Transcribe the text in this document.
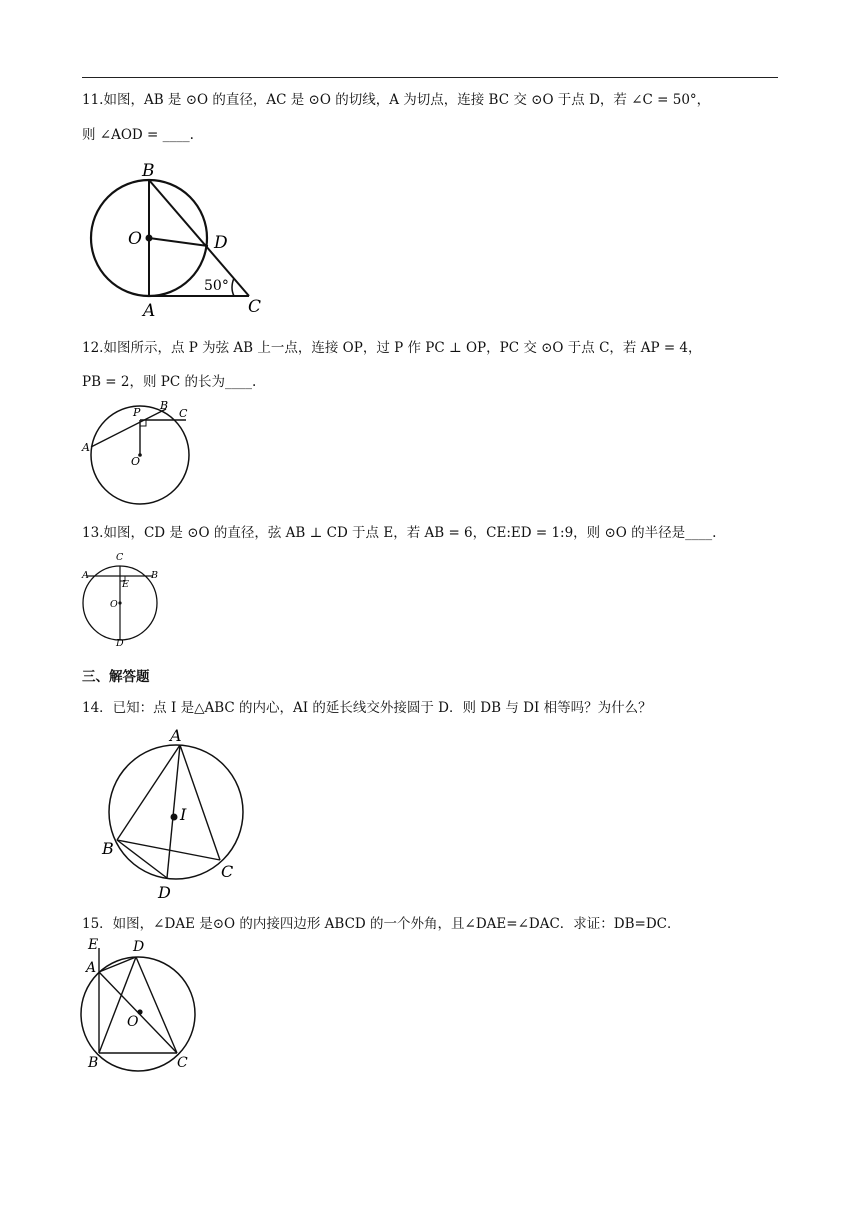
11.如图，AB 是 ⊙O 的直径，AC 是 ⊙O 的切线，A 为切点，连接 BC 交 ⊙O 于点 D，若 ∠C = 50°，
则 ∠AOD = ____.
B
O	D
A	C
50°
12.如图所示，点 P 为弦 AB 上一点，连接 OP，过 P 作 PC ⊥ OP，PC 交 ⊙O 于点 C，若 AP = 4，
PB = 2，则 PC 的长为____.
P
B
C
A
O
13.如图，CD 是 ⊙O 的直径，弦 AB ⊥ CD 于点 E，若 AB = 6，CE:ED = 1:9，则 ⊙O 的半径是____.
C
A	B
E
O
D
三、解答题
14．已知：点 I 是△ABC 的内心，AI 的延长线交外接圆于 D．则 DB 与 DI 相等吗？为什么？
A
I
B
C
D
15．如图，∠DAE 是⊙O 的内接四边形 ABCD 的一个外角，且∠DAE=∠DAC．求证：DB=DC．
E D
A
O
B	C
